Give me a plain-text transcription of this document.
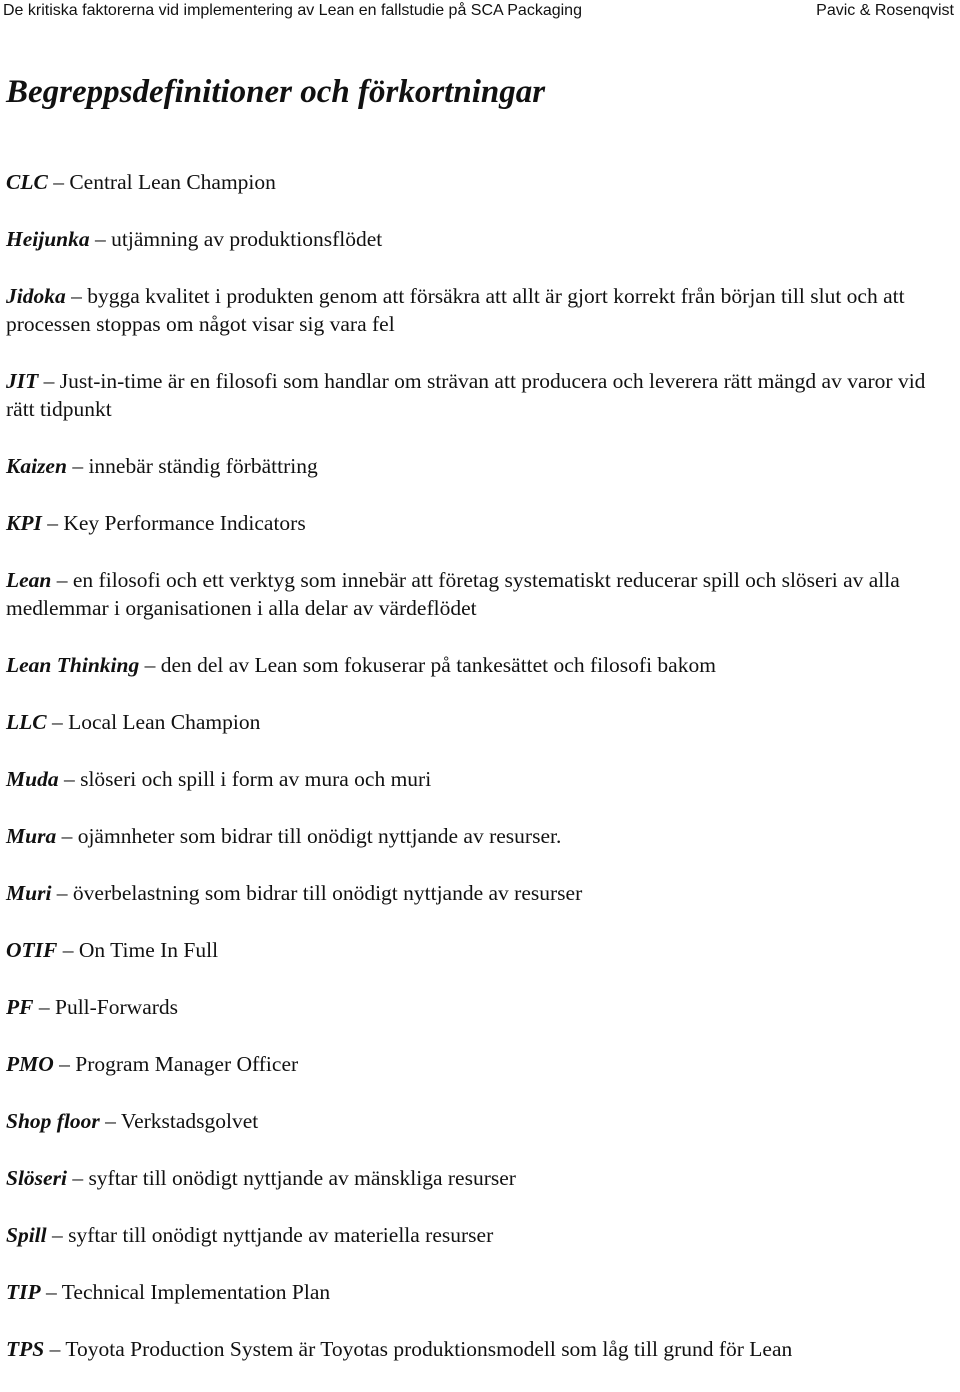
De kritiska faktorerna vid implementering av Lean en fallstudie på SCA Packaging	Pavic & Rosenqvist
Begreppsdefinitioner och förkortningar

CLC – Central Lean Champion

Heijunka – utjämning av produktionsflödet

Jidoka – bygga kvalitet i produkten genom att försäkra att allt är gjort korrekt från början till slut och att processen stoppas om något visar sig vara fel

JIT – Just-in-time är en filosofi som handlar om strävan att producera och leverera rätt mängd av varor vid rätt tidpunkt

Kaizen – innebär ständig förbättring

KPI – Key Performance Indicators

Lean – en filosofi och ett verktyg som innebär att företag systematiskt reducerar spill och slöseri av alla medlemmar i organisationen i alla delar av värdeflödet

Lean Thinking – den del av Lean som fokuserar på tankesättet och filosofi bakom

LLC – Local Lean Champion

Muda – slöseri och spill i form av mura och muri

Mura – ojämnheter som bidrar till onödigt nyttjande av resurser.

Muri – överbelastning som bidrar till onödigt nyttjande av resurser

OTIF – On Time In Full

PF – Pull-Forwards

PMO – Program Manager Officer

Shop floor – Verkstadsgolvet

Slöseri – syftar till onödigt nyttjande av mänskliga resurser

Spill – syftar till onödigt nyttjande av materiella resurser

TIP – Technical Implementation Plan

TPS – Toyota Production System är Toyotas produktionsmodell som låg till grund för Lean
